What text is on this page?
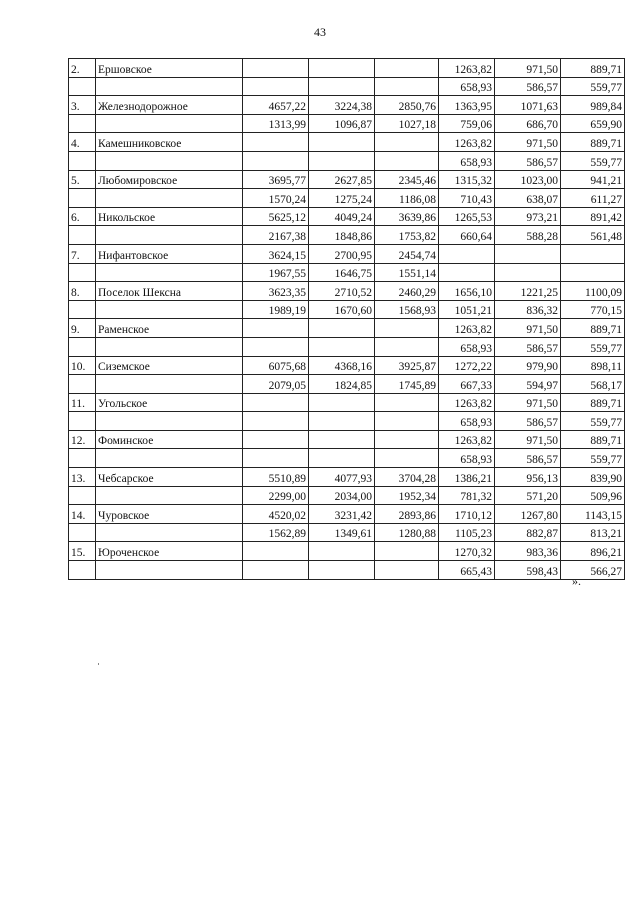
43
2.	Ершовское				1263,82	971,50	889,71
					658,93	586,57	559,77
3.	Железнодорожное	4657,22	3224,38	2850,76	1363,95	1071,63	989,84
		1313,99	1096,87	1027,18	759,06	686,70	659,90
4.	Камешниковское				1263,82	971,50	889,71
					658,93	586,57	559,77
5.	Любомировское	3695,77	2627,85	2345,46	1315,32	1023,00	941,21
		1570,24	1275,24	1186,08	710,43	638,07	611,27
6.	Никольское	5625,12	4049,24	3639,86	1265,53	973,21	891,42
		2167,38	1848,86	1753,82	660,64	588,28	561,48
7.	Нифантовское	3624,15	2700,95	2454,74			
		1967,55	1646,75	1551,14			
8.	Поселок Шексна	3623,35	2710,52	2460,29	1656,10	1221,25	1100,09
		1989,19	1670,60	1568,93	1051,21	836,32	770,15
9.	Раменское				1263,82	971,50	889,71
					658,93	586,57	559,77
10.	Сиземское	6075,68	4368,16	3925,87	1272,22	979,90	898,11
		2079,05	1824,85	1745,89	667,33	594,97	568,17
11.	Угольское				1263,82	971,50	889,71
					658,93	586,57	559,77
12.	Фоминское				1263,82	971,50	889,71
					658,93	586,57	559,77
13.	Чебсарское	5510,89	4077,93	3704,28	1386,21	956,13	839,90
		2299,00	2034,00	1952,34	781,32	571,20	509,96
14.	Чуровское	4520,02	3231,42	2893,86	1710,12	1267,80	1143,15
		1562,89	1349,61	1280,88	1105,23	882,87	813,21
15.	Юроченское				1270,32	983,36	896,21
					665,43	598,43	566,27
».
